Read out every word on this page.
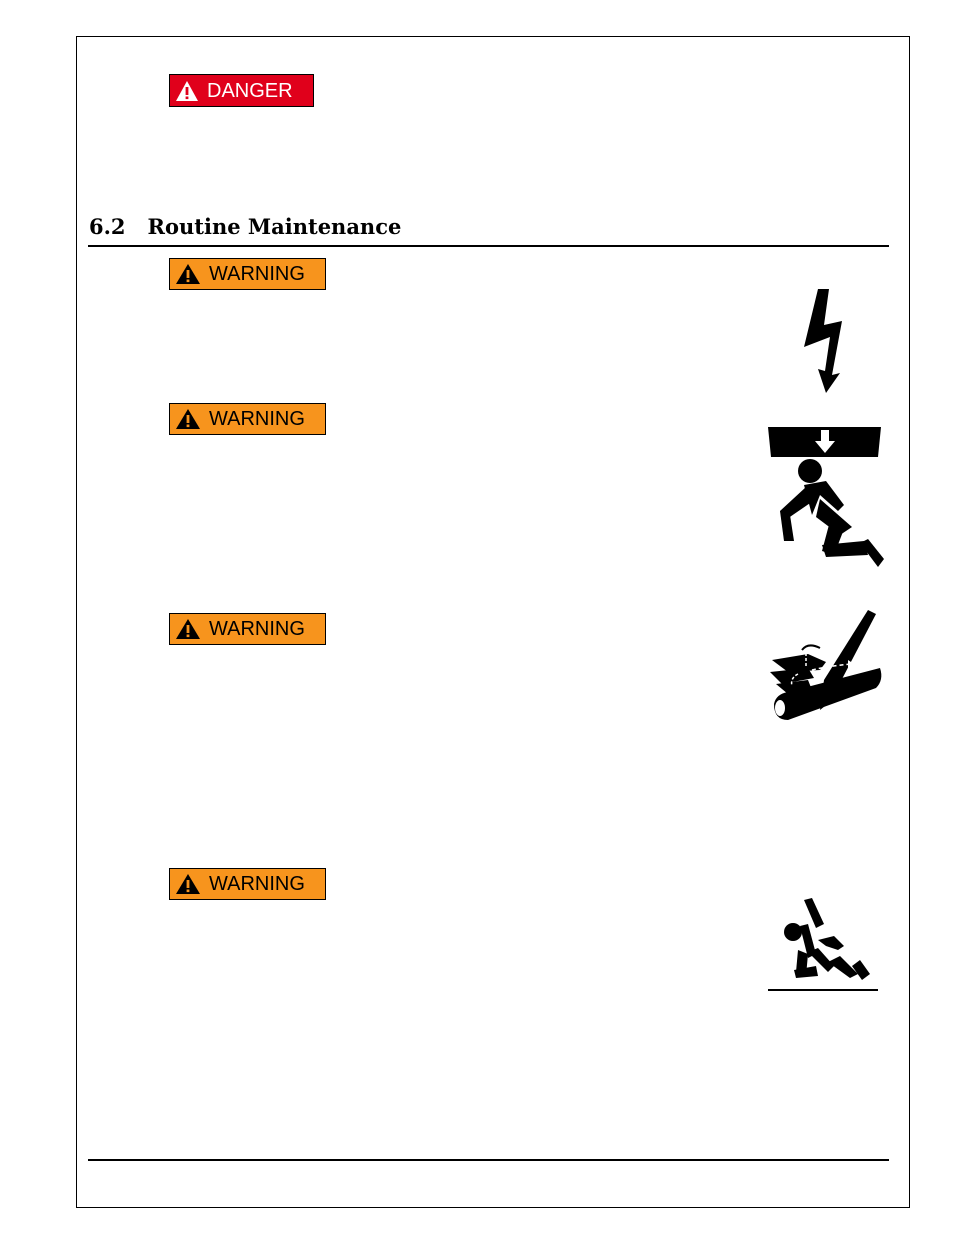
DANGER
6.2 Routine Maintenance
WARNING
WARNING
WARNING
WARNING
